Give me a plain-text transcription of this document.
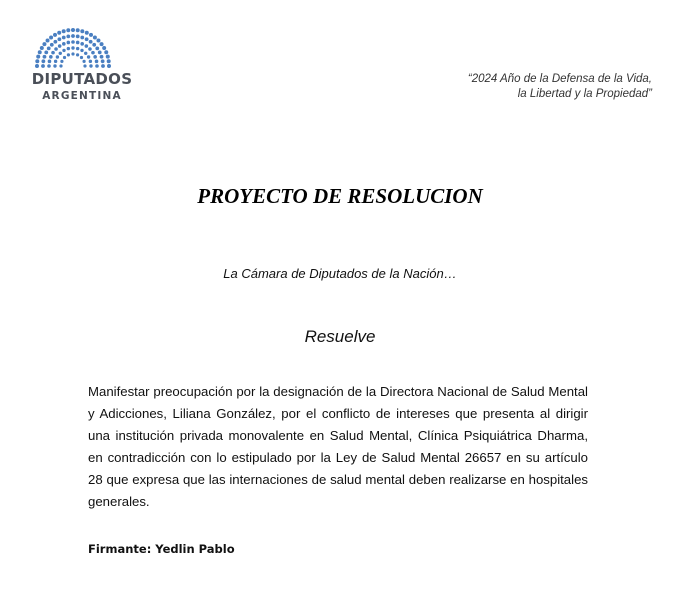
DIPUTADOS
ARGENTINA
“2024 Año de la Defensa de la Vida,
la Libertad y la Propiedad”
PROYECTO DE RESOLUCION
La Cámara de Diputados de la Nación…
Resuelve
Manifestar preocupación por la designación de la Directora Nacional de Salud Mental y Adicciones, Liliana González, por el conflicto de intereses que presenta al dirigir una institución privada monovalente en Salud Mental, Clínica Psiquiátrica Dharma, en contradicción con lo estipulado por la Ley de Salud Mental 26657 en su artículo 28 que expresa que las internaciones de salud mental deben realizarse en hospitales generales.
Firmante: Yedlin Pablo
